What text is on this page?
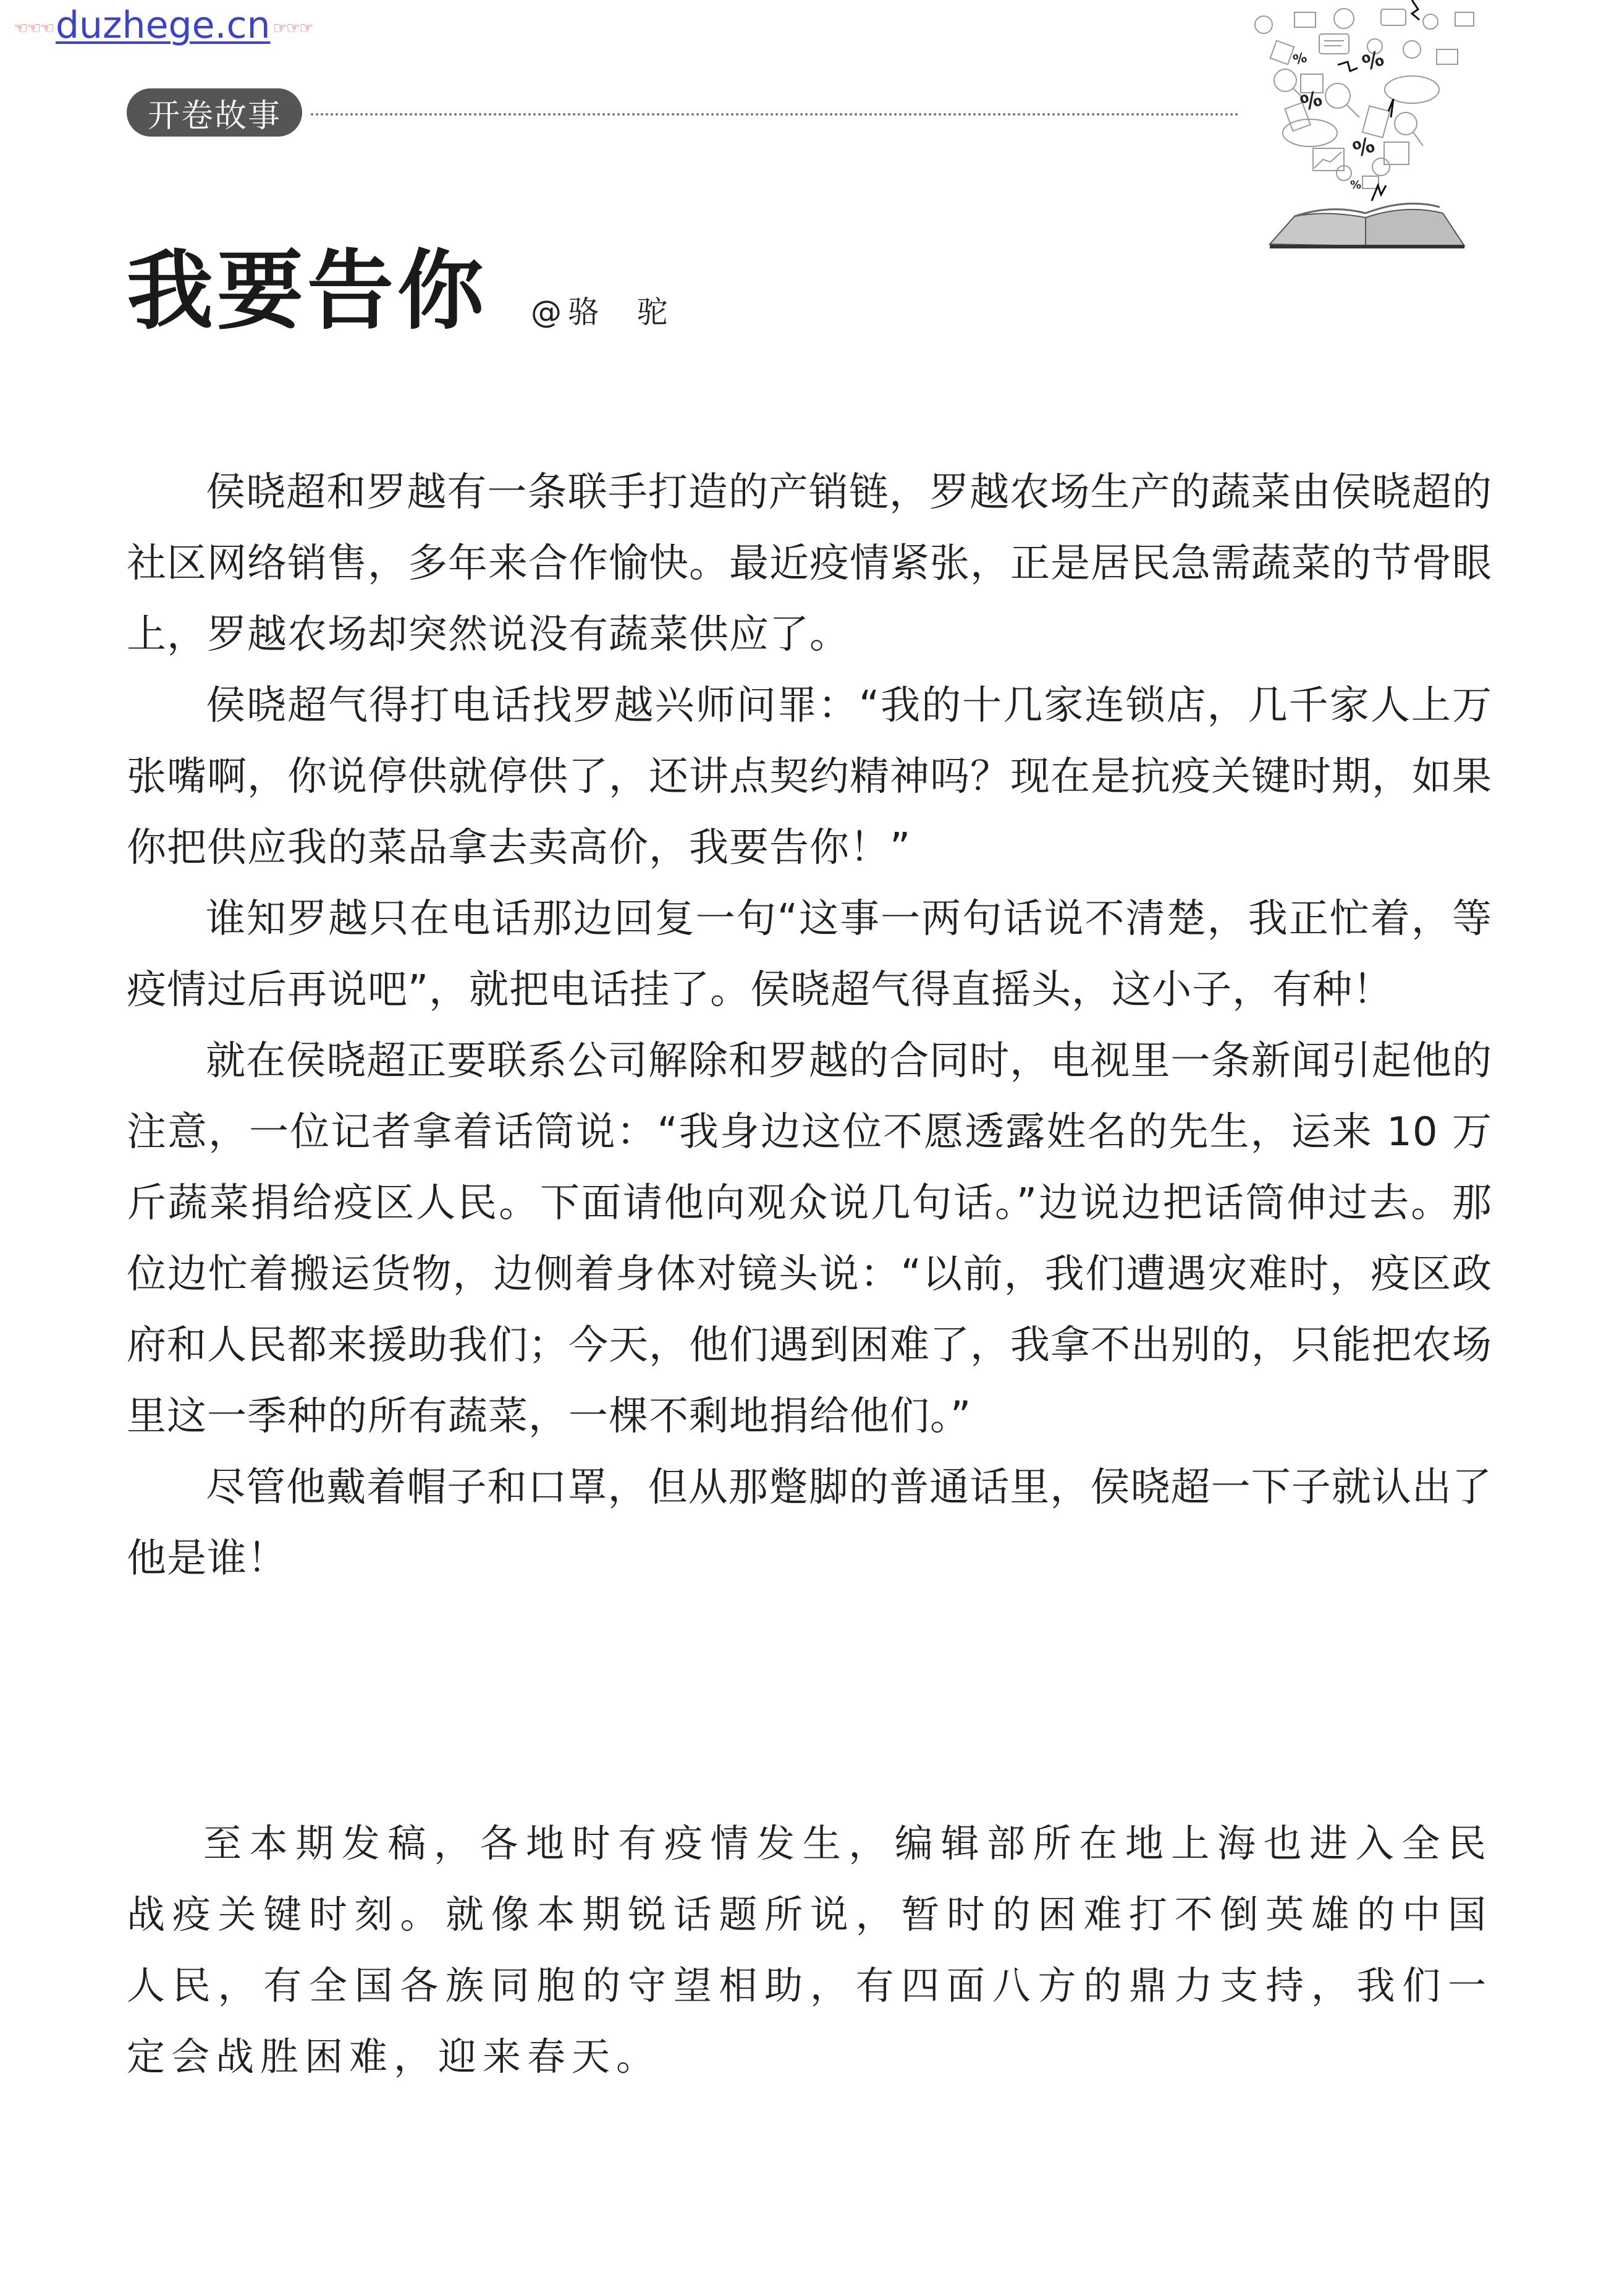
☜☜☜ duzhege.cn ☞☞☞
开卷故事
% %
%
%
%
我要告你 @骆  驼

侯晓超和罗越有一条联手打造的产销链，罗越农场生产的蔬菜由侯晓超的社区网络销售，多年来合作愉快。最近疫情紧张，正是居民急需蔬菜的节骨眼上，罗越农场却突然说没有蔬菜供应了。

侯晓超气得打电话找罗越兴师问罪：“我的十几家连锁店，几千家人上万张嘴啊，你说停供就停供了，还讲点契约精神吗？现在是抗疫关键时期，如果你把供应我的菜品拿去卖高价，我要告你！”

谁知罗越只在电话那边回复一句“这事一两句话说不清楚，我正忙着，等疫情过后再说吧”，就把电话挂了。侯晓超气得直摇头，这小子，有种！

就在侯晓超正要联系公司解除和罗越的合同时，电视里一条新闻引起他的注意，一位记者拿着话筒说：“我身边这位不愿透露姓名的先生，运来 10 万斤蔬菜捐给疫区人民。下面请他向观众说几句话。”边说边把话筒伸过去。那位边忙着搬运货物，边侧着身体对镜头说：“以前，我们遭遇灾难时，疫区政府和人民都来援助我们；今天，他们遇到困难了，我拿不出别的，只能把农场里这一季种的所有蔬菜，一棵不剩地捐给他们。”

尽管他戴着帽子和口罩，但从那蹩脚的普通话里，侯晓超一下子就认出了他是谁！

至本期发稿，各地时有疫情发生，编辑部所在地上海也进入全民战疫关键时刻。就像本期锐话题所说，暂时的困难打不倒英雄的中国人民，有全国各族同胞的守望相助，有四面八方的鼎力支持，我们一定会战胜困难，迎来春天。
